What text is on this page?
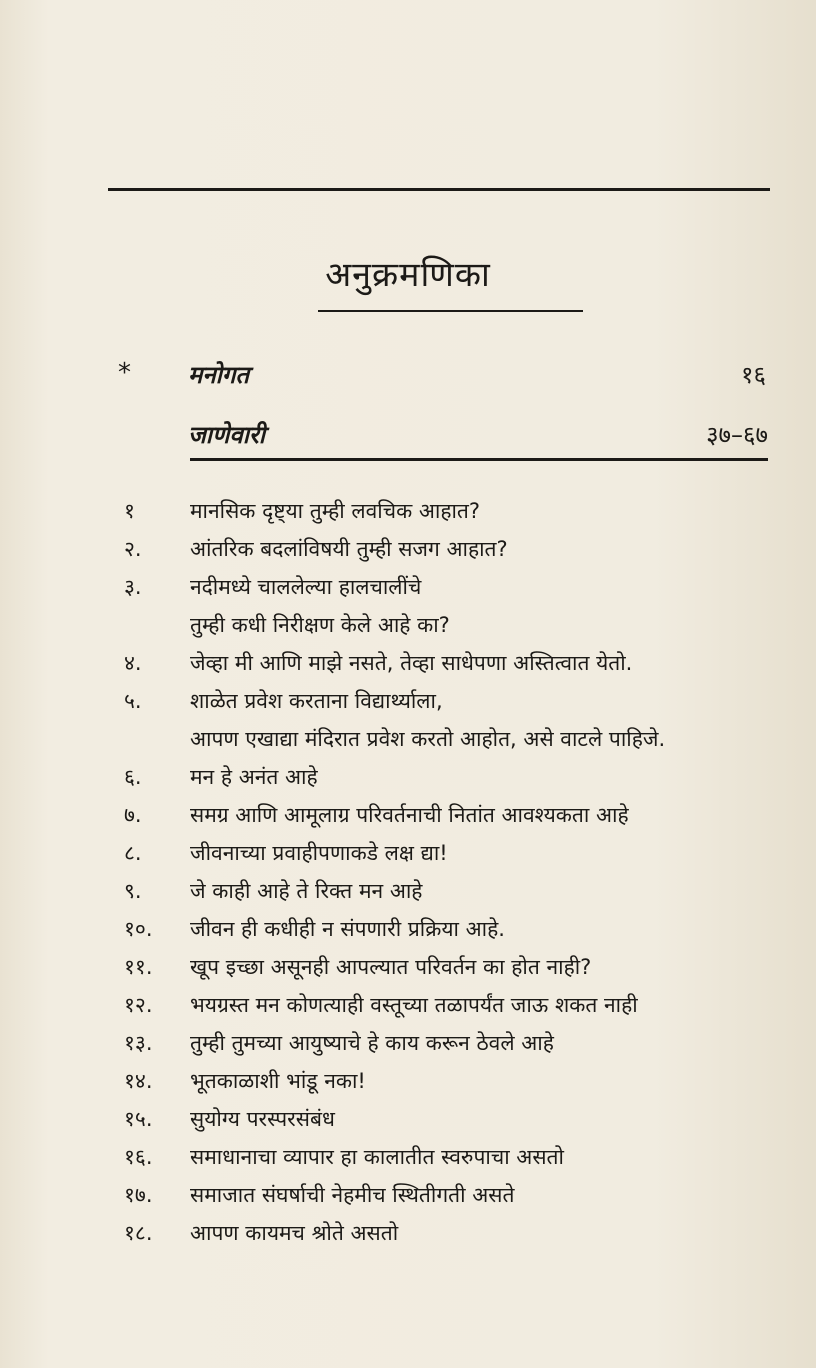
अनुक्रमणिका
* मनोगत	१६
जाणेवारी	३७–६७
१	मानसिक दृष्ट्या तुम्ही लवचिक आहात?
२. आंतरिक बदलांविषयी तुम्ही सजग आहात?
३. नदीमध्ये चाललेल्या हालचालींचे
तुम्ही कधी निरीक्षण केले आहे का?
४. जेव्हा मी आणि माझे नसते, तेव्हा साधेपणा अस्तित्वात येतो.
५. शाळेत प्रवेश करताना विद्यार्थ्याला,
आपण एखाद्या मंदिरात प्रवेश करतो आहोत, असे वाटले पाहिजे.
६. मन हे अनंत आहे
७. समग्र आणि आमूलाग्र परिवर्तनाची नितांत आवश्यकता आहे
८. जीवनाच्या प्रवाहीपणाकडे लक्ष द्या!
९. जे काही आहे ते रिक्त मन आहे
१०. जीवन ही कधीही न संपणारी प्रक्रिया आहे.
११. खूप इच्छा असूनही आपल्यात परिवर्तन का होत नाही?
१२. भयग्रस्त मन कोणत्याही वस्तूच्या तळापर्यंत जाऊ शकत नाही
१३. तुम्ही तुमच्या आयुष्याचे हे काय करून ठेवले आहे
१४. भूतकाळाशी भांडू नका!
१५. सुयोग्य परस्परसंबंध
१६. समाधानाचा व्यापार हा कालातीत स्वरुपाचा असतो
१७. समाजात संघर्षाची नेहमीच स्थितीगती असते
१८. आपण कायमच श्रोते असतो
